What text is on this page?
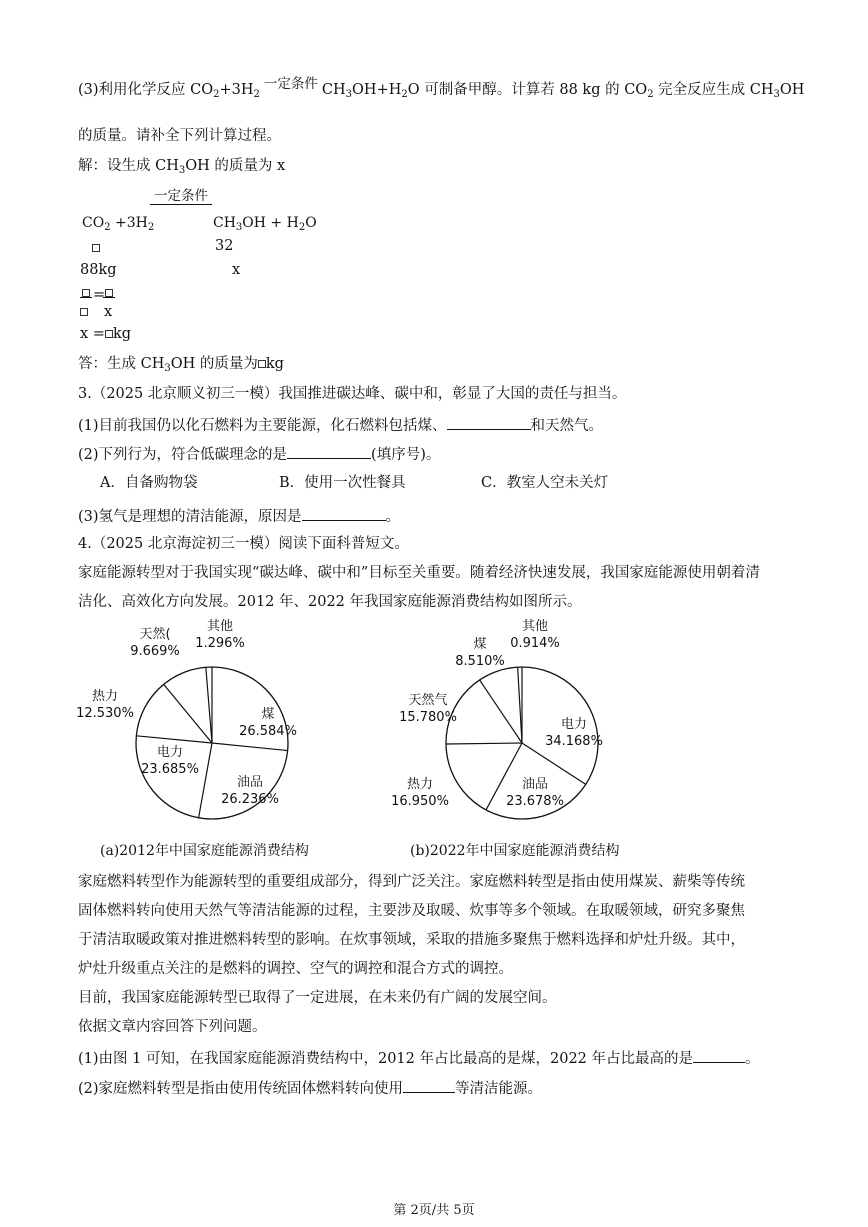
(3)利用化学反应 $CO_2+3H_2$
一定条件 $CH_3OH+H_2O$ 可制备甲醇。计算若 88 kg 的 $CO_2$ 完全反应生成 $CH_3OH$
的质量。请补全下列计算过程。
解：设生成 $CH_3OH$ 的质量为 x
一定条件
$CO_2 +3H_2$	$CH_3OH + H_2O$
32
88kg	x
=
x
x = kg
答：生成 $CH_3OH$ 的质量为 kg
3.（2025 北京顺义初三一模）我国推进碳达峰、碳中和，彰显了大国的责任与担当。
(1)目前我国仍以化石燃料为主要能源，化石燃料包括煤、	和天然气。
(2)下列行为，符合低碳理念的是	(填序号)。
A．自备购物袋	B．使用一次性餐具	C．教室人空未关灯
(3)氢气是理想的清洁能源，原因是	。
4.（2025 北京海淀初三一模）阅读下面科普短文。
家庭能源转型对于我国实现“碳达峰、碳中和”目标至关重要。随着经济快速发展，我国家庭能源使用朝着清
洁化、高效化方向发展。2012 年、2022 年我国家庭能源消费结构如图所示。
煤
26.584%
油品
26.236%
电力
23.685%
热力
12.530%
天然(
9.669%
其他
1.296%
电力
34.168%
油品
23.678%
热力
16.950%
天然气
15.780%
煤
8.510%
其他
0.914%
(a)2012年中国家庭能源消费结构	(b)2022年中国家庭能源消费结构
家庭燃料转型作为能源转型的重要组成部分，得到广泛关注。家庭燃料转型是指由使用煤炭、薪柴等传统
固体燃料转向使用天然气等清洁能源的过程，主要涉及取暖、炊事等多个领域。在取暖领域，研究多聚焦
于清洁取暖政策对推进燃料转型的影响。在炊事领域，采取的措施多聚焦于燃料选择和炉灶升级。其中，
炉灶升级重点关注的是燃料的调控、空气的调控和混合方式的调控。
目前，我国家庭能源转型已取得了一定进展，在未来仍有广阔的发展空间。
依据文章内容回答下列问题。
(1)由图 1 可知，在我国家庭能源消费结构中，2012 年占比最高的是煤，2022 年占比最高的是	。
(2)家庭燃料转型是指由使用传统固体燃料转向使用	等清洁能源。
第 2页/共 5页
